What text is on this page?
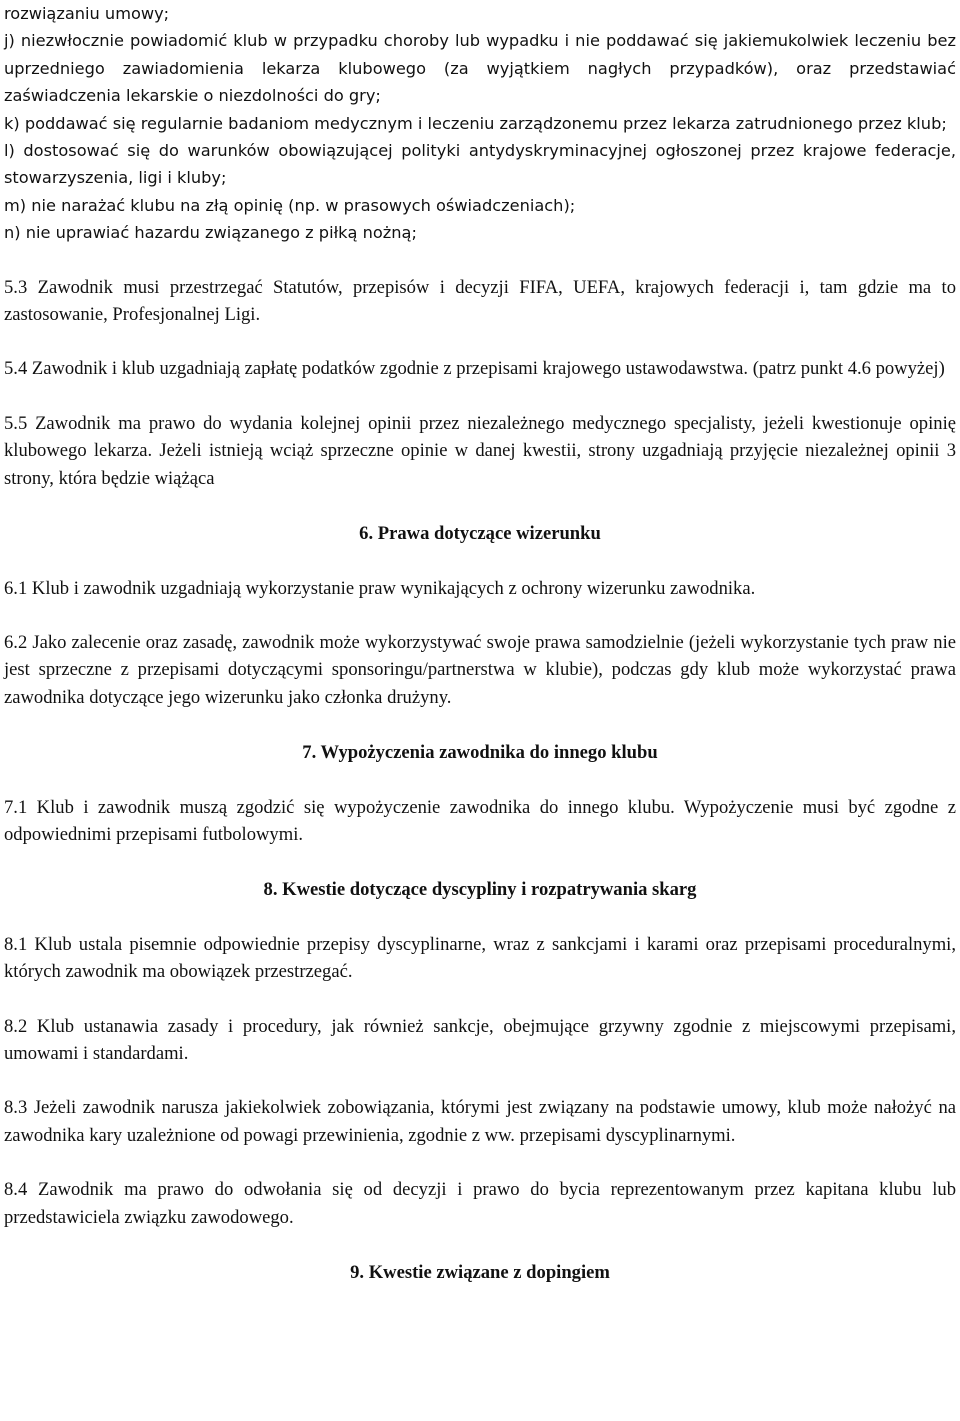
rozwiązaniu umowy;

j) niezwłocznie powiadomić klub w przypadku choroby lub wypadku i nie poddawać się jakiemukolwiek leczeniu bez uprzedniego zawiadomienia lekarza klubowego (za wyjątkiem nagłych przypadków), oraz przedstawiać zaświadczenia lekarskie o niezdolności do gry;

k) poddawać się regularnie badaniom medycznym i leczeniu zarządzonemu przez lekarza zatrudnionego przez klub;

l) dostosować się do warunków obowiązującej polityki antydyskryminacyjnej ogłoszonej przez krajowe federacje, stowarzyszenia, ligi i kluby;

m) nie narażać klubu na złą opinię (np. w prasowych oświadczeniach);

n) nie uprawiać hazardu związanego z piłką nożną;

5.3 Zawodnik musi przestrzegać Statutów, przepisów i decyzji FIFA, UEFA, krajowych federacji i, tam gdzie ma to zastosowanie, Profesjonalnej Ligi.

5.4 Zawodnik i klub uzgadniają zapłatę podatków zgodnie z przepisami krajowego ustawodawstwa. (patrz punkt 4.6 powyżej)

5.5 Zawodnik ma prawo do wydania kolejnej opinii przez niezależnego medycznego specjalisty, jeżeli kwestionuje opinię klubowego lekarza. Jeżeli istnieją wciąż sprzeczne opinie w danej kwestii, strony uzgadniają przyjęcie niezależnej opinii 3 strony, która będzie wiążąca

6. Prawa dotyczące wizerunku

6.1 Klub i zawodnik uzgadniają wykorzystanie praw wynikających z ochrony wizerunku zawodnika.

6.2 Jako zalecenie oraz zasadę, zawodnik może wykorzystywać swoje prawa samodzielnie (jeżeli wykorzystanie tych praw nie jest sprzeczne z przepisami dotyczącymi sponsoringu/partnerstwa w klubie), podczas gdy klub może wykorzystać prawa zawodnika dotyczące jego wizerunku jako członka drużyny.

7. Wypożyczenia zawodnika do innego klubu

7.1 Klub i zawodnik muszą zgodzić się wypożyczenie zawodnika do innego klubu. Wypożyczenie musi być zgodne z odpowiednimi przepisami futbolowymi.

8. Kwestie dotyczące dyscypliny i rozpatrywania skarg

8.1 Klub ustala pisemnie odpowiednie przepisy dyscyplinarne, wraz z sankcjami i karami oraz przepisami proceduralnymi, których zawodnik ma obowiązek przestrzegać.

8.2 Klub ustanawia zasady i procedury, jak również sankcje, obejmujące grzywny zgodnie z miejscowymi przepisami, umowami i standardami.

8.3 Jeżeli zawodnik narusza jakiekolwiek zobowiązania, którymi jest związany na podstawie umowy, klub może nałożyć na zawodnika kary uzależnione od powagi przewinienia, zgodnie z ww. przepisami dyscyplinarnymi.

8.4 Zawodnik ma prawo do odwołania się od decyzji i prawo do bycia reprezentowanym przez kapitana klubu lub przedstawiciela związku zawodowego.

9. Kwestie związane z dopingiem
